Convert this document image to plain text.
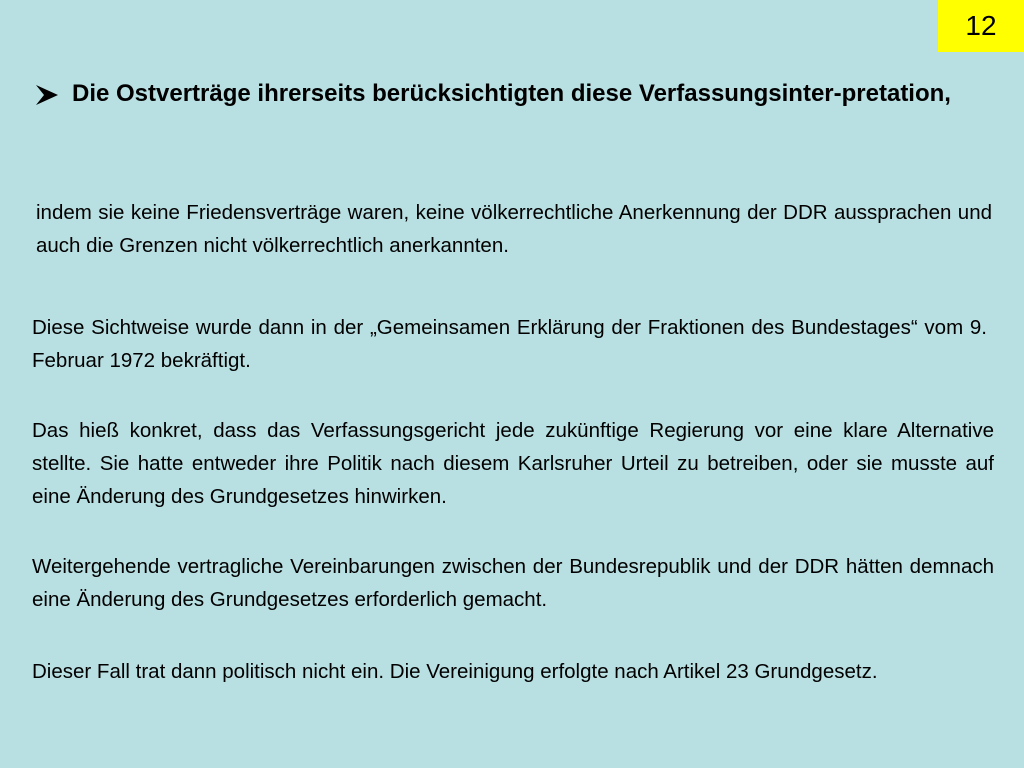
12
Die Ostverträge ihrerseits berücksichtigten diese Verfassungsinter-pretation,

indem sie keine Friedensverträge waren, keine völkerrechtliche Anerkennung der DDR aussprachen und auch die Grenzen nicht völkerrechtlich anerkannten.

Diese Sichtweise wurde dann in der „Gemeinsamen Erklärung der Fraktionen des Bundestages“ vom 9. Februar 1972 bekräftigt.

Das hieß konkret, dass das Verfassungsgericht jede zukünftige Regierung vor eine klare Alternative stellte. Sie hatte entweder ihre Politik nach diesem Karlsruher Urteil zu betreiben, oder sie musste auf eine Änderung des Grundgesetzes hinwirken.

Weitergehende vertragliche Vereinbarungen zwischen der Bundesrepublik und der DDR hätten demnach eine Änderung des Grundgesetzes erforderlich gemacht.

Dieser Fall trat dann politisch nicht ein. Die Vereinigung erfolgte nach Artikel 23 Grundgesetz.
